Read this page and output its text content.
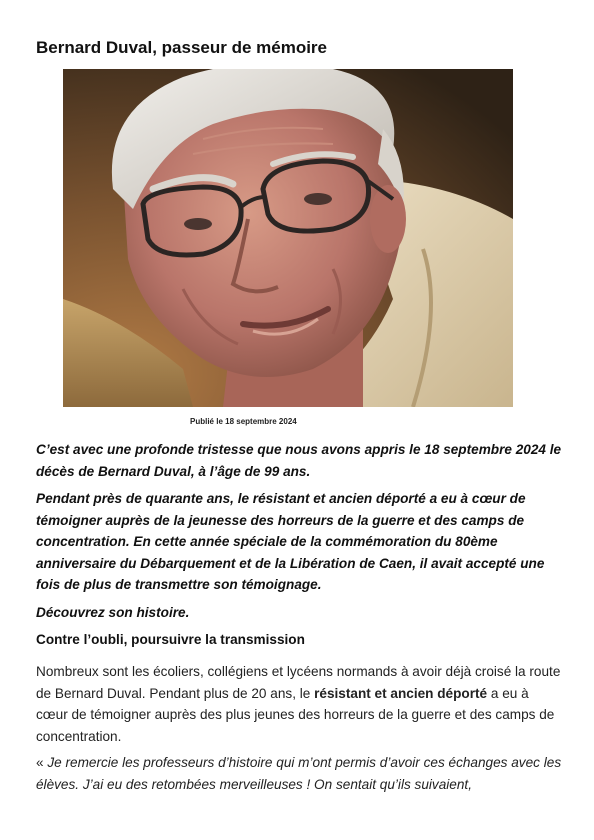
Bernard Duval, passeur de mémoire
Publié le 18 septembre 2024

C’est avec une profonde tristesse que nous avons appris le 18 septembre 2024 le décès de Bernard Duval, à l’âge de 99 ans.

Pendant près de quarante ans, le résistant et ancien déporté a eu à cœur de témoigner auprès de la jeunesse des horreurs de la guerre et des camps de concentration. En cette année spéciale de la commémoration du 80ème anniversaire du Débarquement et de la Libération de Caen, il avait accepté une fois de plus de transmettre son témoignage.

Découvrez son histoire.

Contre l’oubli, poursuivre la transmission

Nombreux sont les écoliers, collégiens et lycéens normands à avoir déjà croisé la route de Bernard Duval. Pendant plus de 20 ans, le résistant et ancien déporté a eu à cœur de témoigner auprès des plus jeunes des horreurs de la guerre et des camps de concentration.

« Je remercie les professeurs d’histoire qui m’ont permis d’avoir ces échanges avec les élèves. J’ai eu des retombées merveilleuses ! On sentait qu’ils suivaient,
